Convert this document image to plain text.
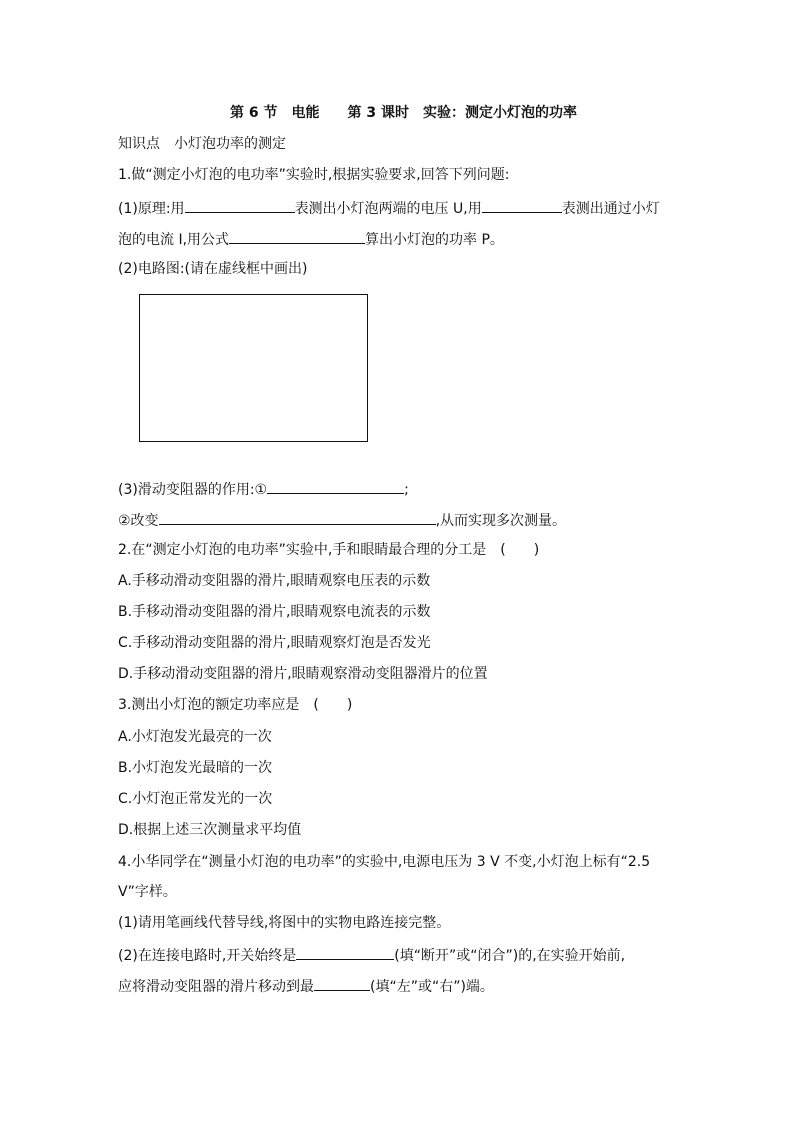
第 6 节　电能　　第 3 课时　实验：测定小灯泡的功率
知识点　小灯泡功率的测定
1.做“测定小灯泡的电功率”实验时,根据实验要求,回答下列问题:
(1)原理:用	表测出小灯泡两端的电压 U,用	表测出通过小灯
泡的电流 I,用公式	算出小灯泡的功率 P。
(2)电路图:(请在虚线框中画出)
(3)滑动变阻器的作用:①	;
②改变	,从而实现多次测量。
2.在“测定小灯泡的电功率”实验中,手和眼睛最合理的分工是　(　　)
A.手移动滑动变阻器的滑片,眼睛观察电压表的示数
B.手移动滑动变阻器的滑片,眼睛观察电流表的示数
C.手移动滑动变阻器的滑片,眼睛观察灯泡是否发光
D.手移动滑动变阻器的滑片,眼睛观察滑动变阻器滑片的位置
3.测出小灯泡的额定功率应是　(　　)
A.小灯泡发光最亮的一次
B.小灯泡发光最暗的一次
C.小灯泡正常发光的一次
D.根据上述三次测量求平均值
4.小华同学在“测量小灯泡的电功率”的实验中,电源电压为 3 V 不变,小灯泡上标有“2.5
V”字样。
(1)请用笔画线代替导线,将图中的实物电路连接完整。
(2)在连接电路时,开关始终是	(填“断开”或“闭合”)的,在实验开始前,
应将滑动变阻器的滑片移动到最	(填“左”或“右”)端。
